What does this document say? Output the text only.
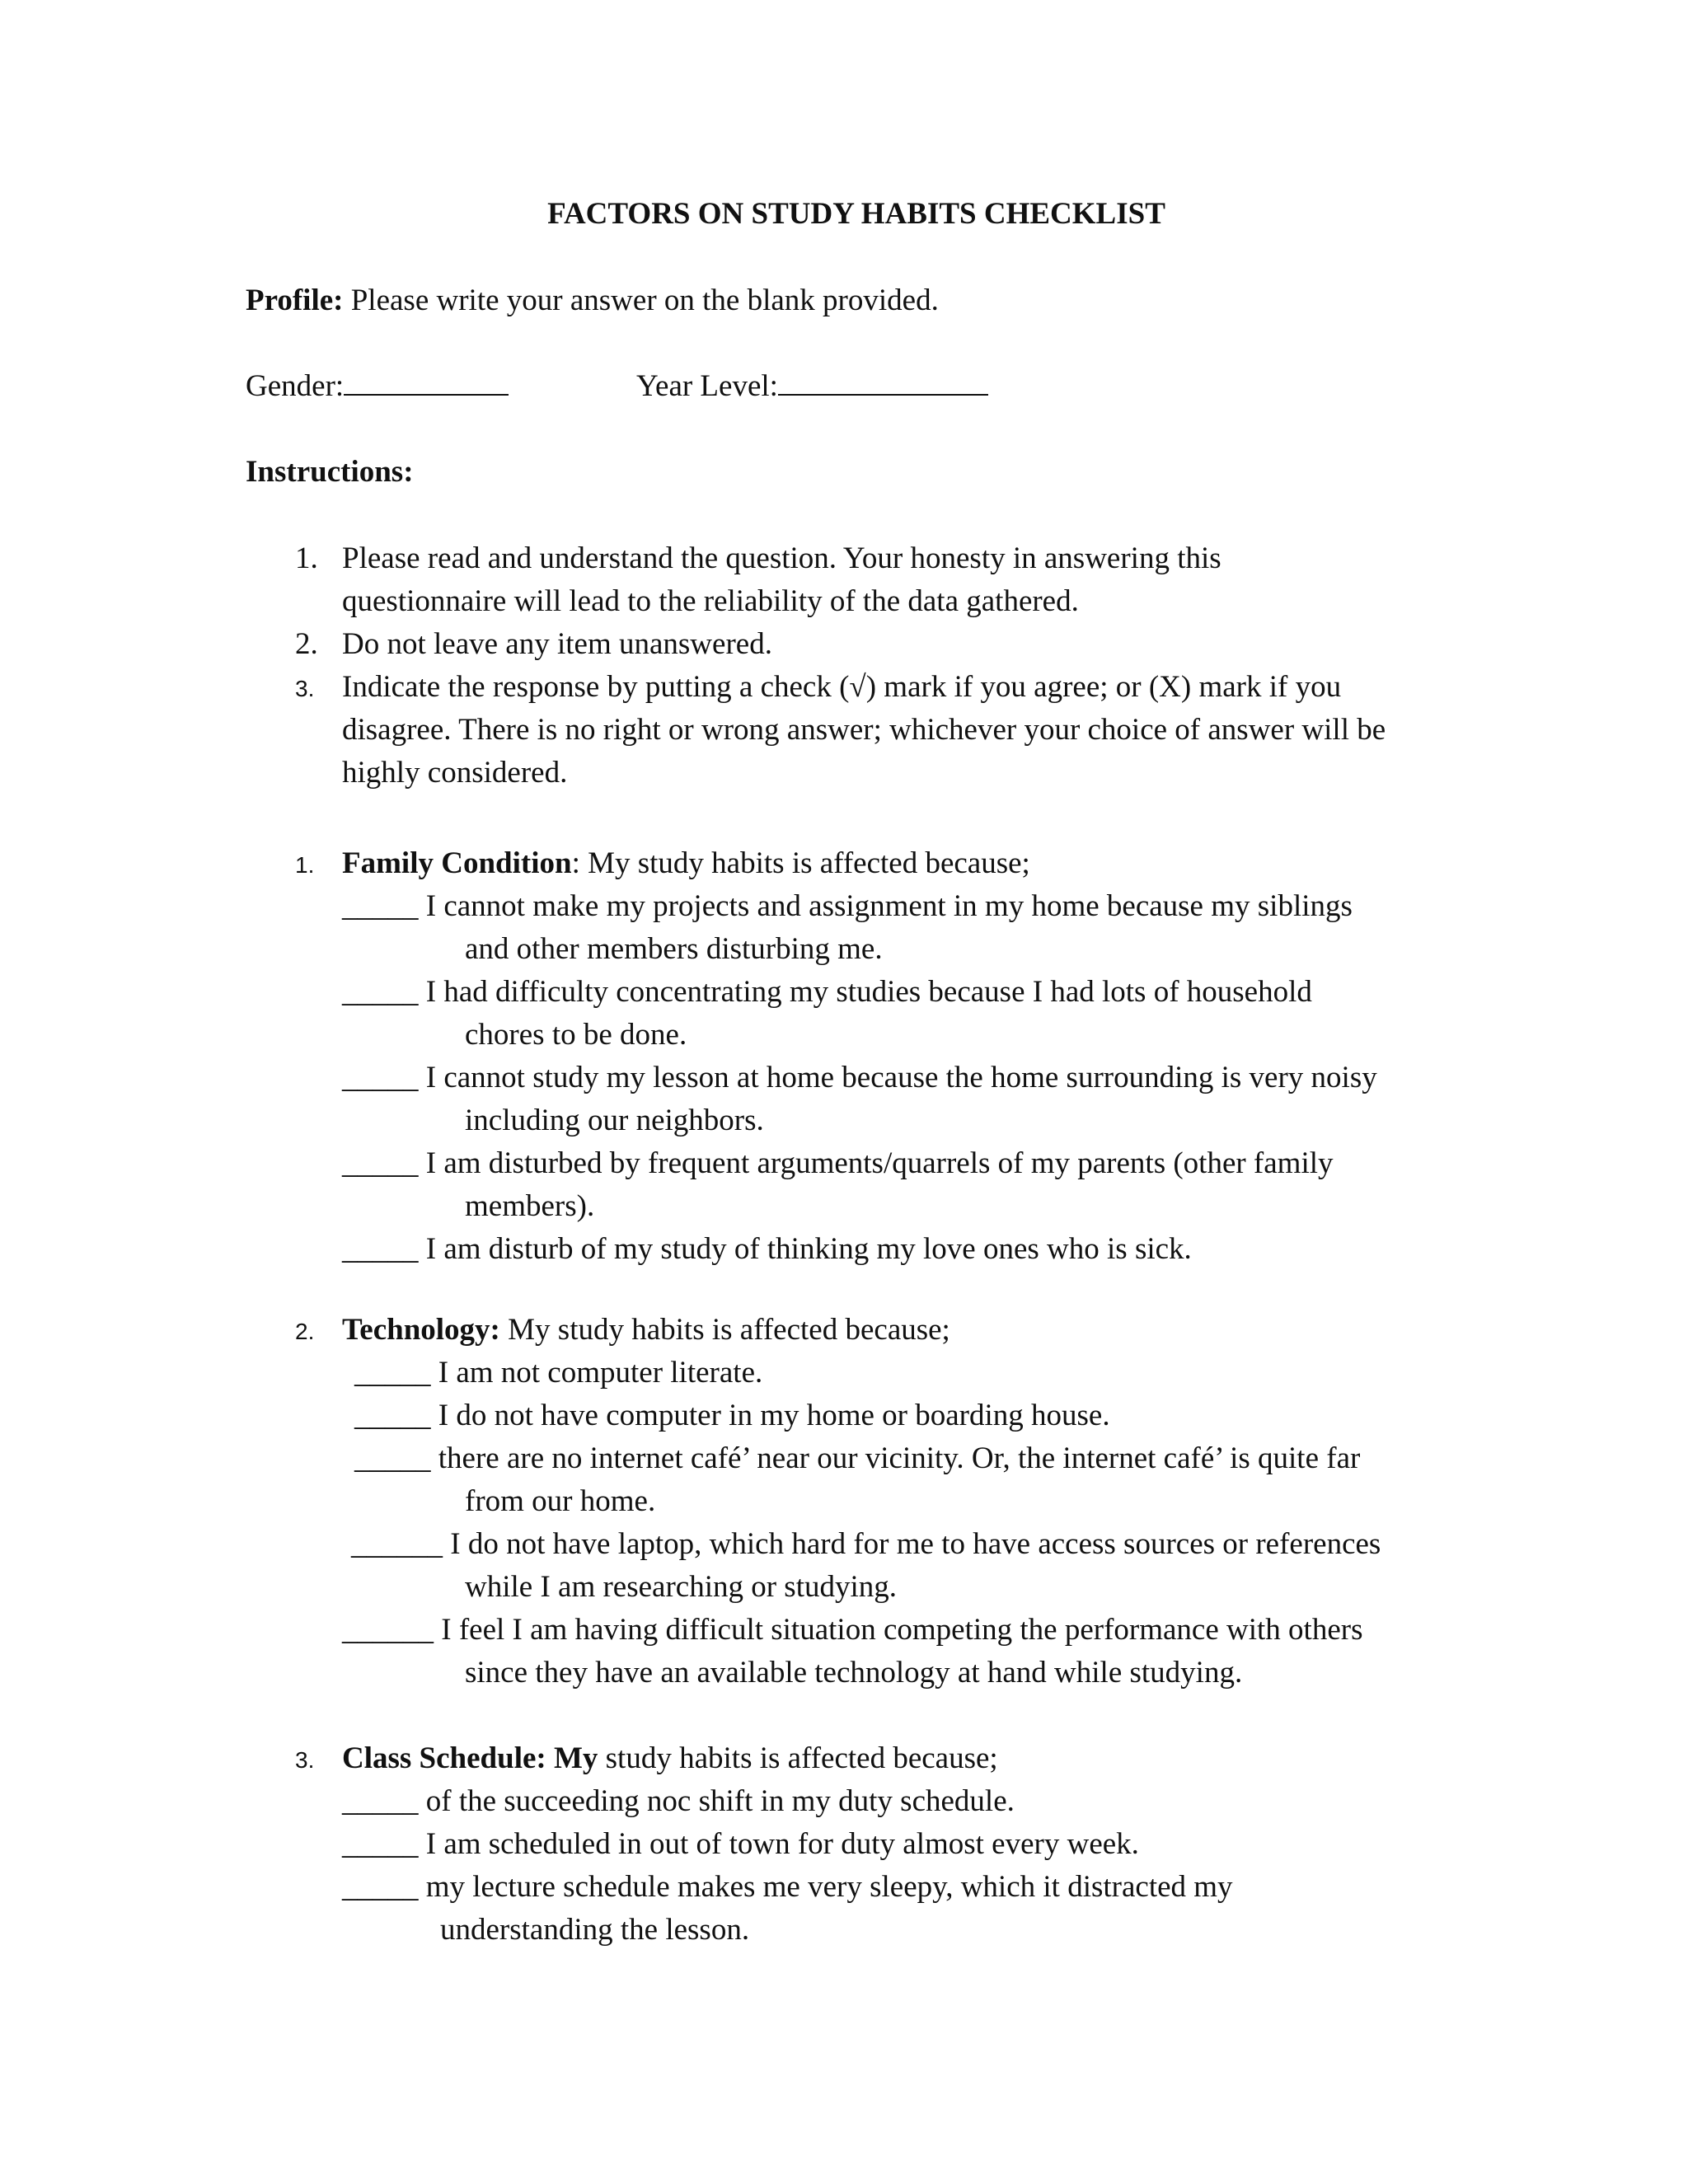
FACTORS ON STUDY HABITS CHECKLIST
Profile: Please write your answer on the blank provided.
Gender:	Year Level:
Instructions:
1. Please read and understand the question. Your honesty in answering this
questionnaire will lead to the reliability of the data gathered.
2. Do not leave any item unanswered.
3. Indicate the response by putting a check (√) mark if you agree; or (X) mark if you
disagree. There is no right or wrong answer; whichever your choice of answer will be
highly considered.
1. Family Condition: My study habits is affected because;
_____ I cannot make my projects and assignment in my home because my siblings
and other members disturbing me.
_____ I had difficulty concentrating my studies because I had lots of household
chores to be done.
_____ I cannot study my lesson at home because the home surrounding is very noisy
including our neighbors.
_____ I am disturbed by frequent arguments/quarrels of my parents (other family
members).
_____ I am disturb of my study of thinking my love ones who is sick.
2. Technology: My study habits is affected because;
_____ I am not computer literate.
_____ I do not have computer in my home or boarding house.
_____ there are no internet café’ near our vicinity. Or, the internet café’ is quite far
from our home.
______ I do not have laptop, which hard for me to have access sources or references
while I am researching or studying.
______ I feel I am having difficult situation competing the performance with others
since they have an available technology at hand while studying.
3. Class Schedule: My study habits is affected because;
_____ of the succeeding noc shift in my duty schedule.
_____ I am scheduled in out of town for duty almost every week.
_____ my lecture schedule makes me very sleepy, which it distracted my
understanding the lesson.
